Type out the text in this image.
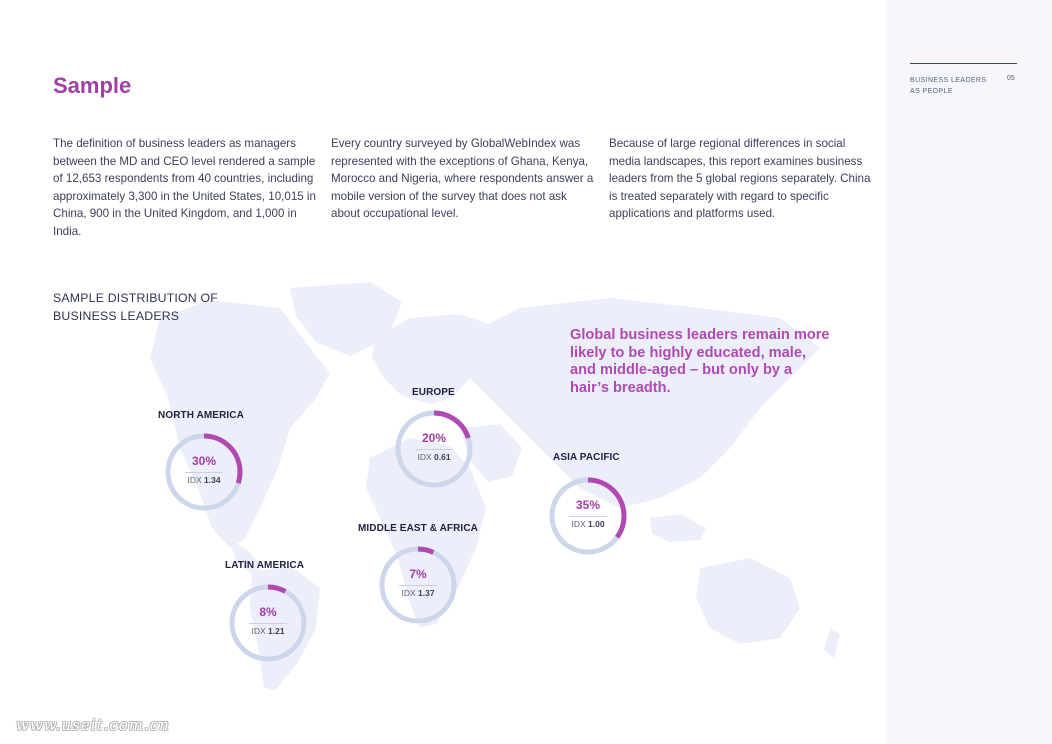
BUSINESS LEADERS AS PEOPLE
05
Sample

The definition of business leaders as managers between the MD and CEO level rendered a sample of 12,653 respondents from 40 countries, including approximately 3,300 in the United States, 10,015 in China, 900 in the United Kingdom, and 1,000 in India.

Every country surveyed by GlobalWebIndex was represented with the exceptions of Ghana, Kenya, Morocco and Nigeria, where respondents answer a mobile version of the survey that does not ask about occupational level.

Because of large regional differences in social media landscapes, this report examines business leaders from the 5 global regions separately. China is treated separately with regard to specific applications and platforms used.

SAMPLE DISTRIBUTION OF BUSINESS LEADERS

Global business leaders remain more likely to be highly educated, male, and middle-aged – but only by a hair’s breadth.

NORTH AMERICA
EUROPE
ASIA PACIFIC
MIDDLE EAST & AFRICA
LATIN AMERICA
30%
IDX 1.34
20%
IDX 0.61
35%
IDX 1.00
7%
IDX 1.37
8%
IDX 1.21
www.useit.com.cn
